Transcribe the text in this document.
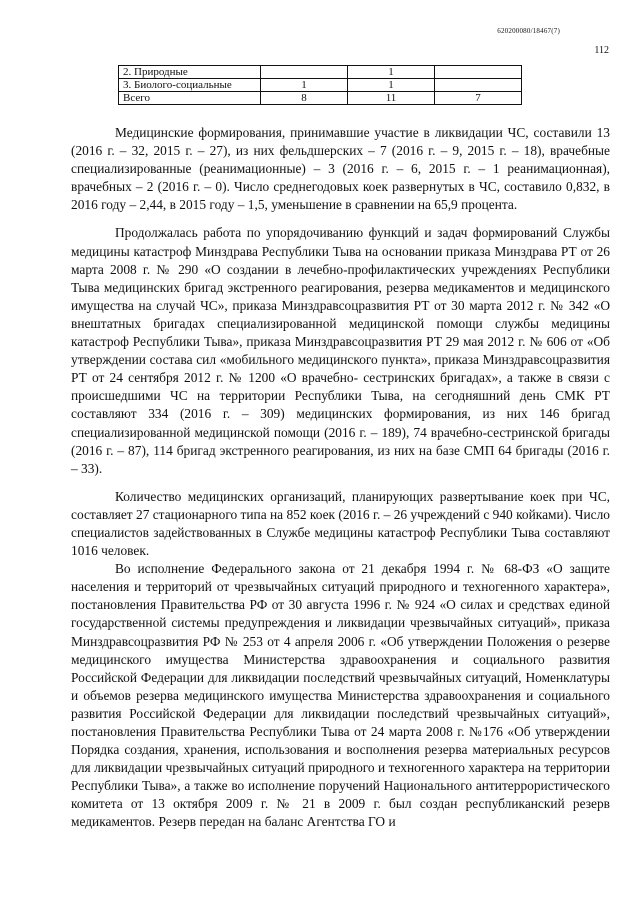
620200080/18467(7)
112
2. Природные		1	
3. Биолого-социальные	1	1	
Всего	8	11	7

Медицинские формирования, принимавшие участие в ликвидации ЧС, составили 13 (2016 г. – 32, 2015 г. – 27), из них фельдшерских – 7 (2016 г. – 9, 2015 г. – 18), врачебные специализированные (реанимационные) – 3 (2016 г. – 6, 2015 г. – 1 реанимационная), врачебных – 2 (2016 г. – 0). Число среднегодовых коек развернутых в ЧС, составило 0,832, в 2016 году – 2,44, в 2015 году – 1,5, уменьшение в сравнении на 65,9 процента.

Продолжалась работа по упорядочиванию функций и задач формирований Службы медицины катастроф Минздрава Республики Тыва на основании приказа Минздрава РТ от 26 марта 2008 г. № 290 «О создании в лечебно-профилактических учреждениях Республики Тыва медицинских бригад экстренного реагирования, резерва медикаментов и медицинского имущества на случай ЧС», приказа Минздравсоцразвития РТ от 30 марта 2012 г. № 342 «О внештатных бригадах специализированной медицинской помощи службы медицины катастроф Республики Тыва», приказа Минздравсоцразвития РТ 29 мая 2012 г. № 606 от «Об утверждении состава сил «мобильного медицинского пункта», приказа Минздравсоцразвития РТ от 24 сентября 2012 г. № 1200 «О врачебно- сестринских бригадах», а также в связи с происшедшими ЧС на территории Республики Тыва, на сегодняшний день СМК РТ составляют 334 (2016 г. – 309) медицинских формирования, из них 146 бригад специализированной медицинской помощи (2016 г. – 189), 74 врачебно-сестринской бригады (2016 г. – 87), 114 бригад экстренного реагирования, из них на базе СМП 64 бригады (2016 г. – 33).

Количество медицинских организаций, планирующих развертывание коек при ЧС, составляет 27 стационарного типа на 852 коек (2016 г. – 26 учреждений с 940 койками). Число специалистов задействованных в Службе медицины катастроф Республики Тыва составляют 1016 человек.

Во исполнение Федерального закона от 21 декабря 1994 г. № 68-ФЗ «О защите населения и территорий от чрезвычайных ситуаций природного и техногенного характера», постановления Правительства РФ от 30 августа 1996 г. № 924 «О силах и средствах единой государственной системы предупреждения и ликвидации чрезвычайных ситуаций», приказа Минздравсоцразвития РФ № 253 от 4 апреля 2006 г. «Об утверждении Положения о резерве медицинского имущества Министерства здравоохранения и социального развития Российской Федерации для ликвидации последствий чрезвычайных ситуаций, Номенклатуры и объемов резерва медицинского имущества Министерства здравоохранения и социального развития Российской Федерации для ликвидации последствий чрезвычайных ситуаций», постановления Правительства Республики Тыва от 24 марта 2008 г. №176 «Об утверждении Порядка создания, хранения, использования и восполнения резерва материальных ресурсов для ликвидации чрезвычайных ситуаций природного и техногенного характера на территории Республики Тыва», а также во исполнение поручений Национального антитеррористического комитета от 13 октября 2009 г. № 21 в 2009 г. был создан республиканский резерв медикаментов. Резерв передан на баланс Агентства ГО и
